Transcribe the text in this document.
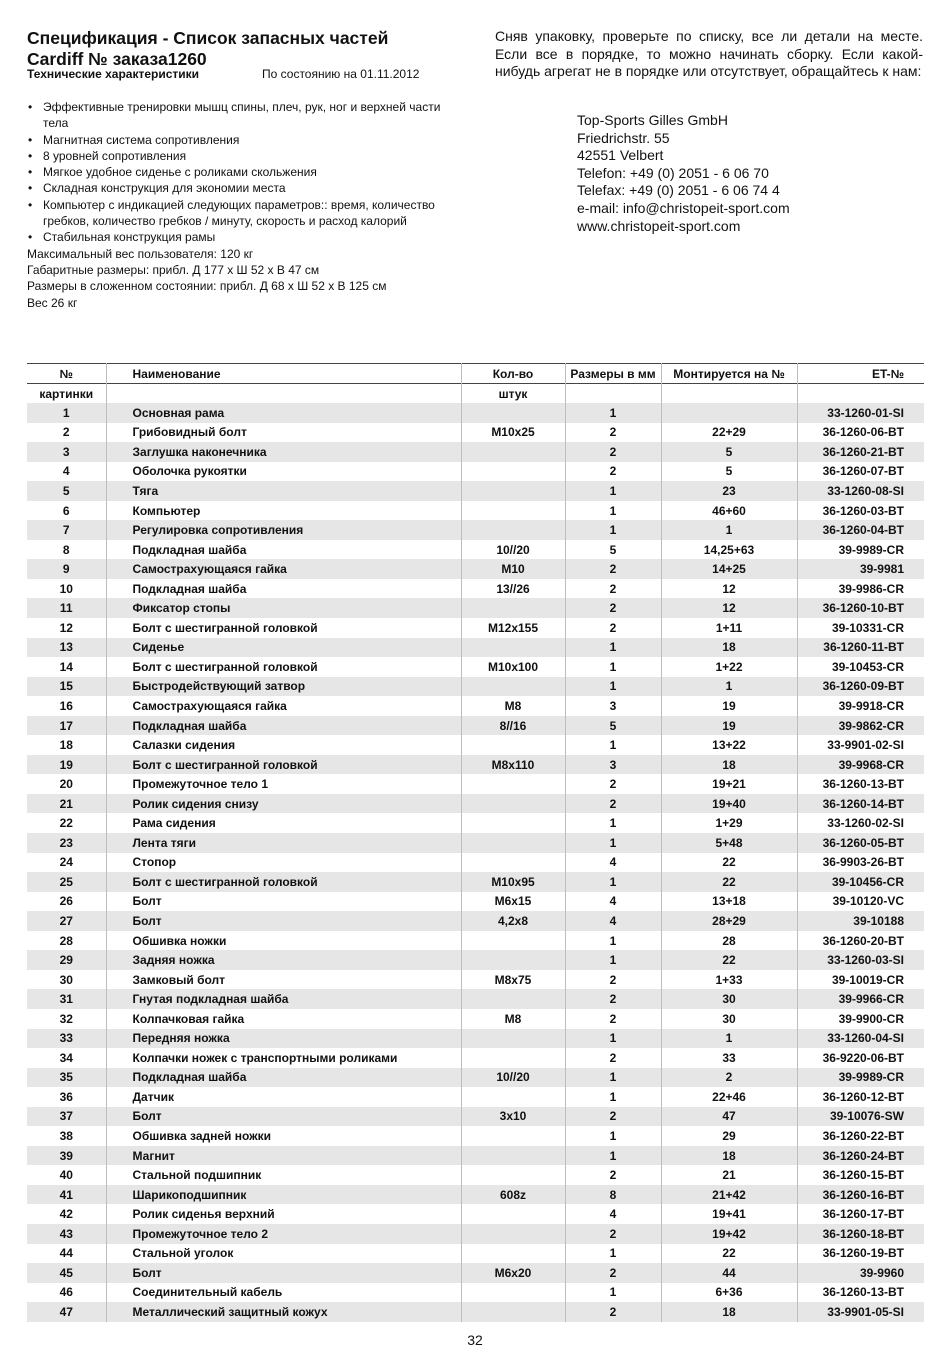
Спецификация - Список запасных частей
Cardiff № заказа1260
Технические характеристики	По состоянию на 01.11.2012
• Эффективные тренировки мышц спины, плеч, рук, ног и верхней части тела
• Магнитная система сопротивления
• 8 уровней сопротивления
• Мягкое удобное сиденье с роликами скольжения
• Складная конструкция для экономии места
• Компьютер с индикацией следующих параметров:: время, количество гребков, количество гребков / минуту, скорость и расход калорий
• Стабильная конструкция рамы
Максимальный вес пользователя: 120 кг
Габаритные размеры: прибл. Д 177 x Ш 52 x В 47 см
Размеры в сложенном состоянии: прибл. Д 68 x Ш 52 x В 125 см
Вес 26 кг
Сняв упаковку, проверьте по списку, все ли детали на месте. Если все в порядке, то можно начинать сборку. Если какой-нибудь агрегат не в порядке или отсутствует, обращайтесь к нам:
Top-Sports Gilles GmbH
Friedrichstr. 55
42551 Velbert
Telefon: +49 (0) 2051 - 6 06 70
Telefax: +49 (0) 2051 - 6 06 74 4
e-mail: info@christopeit-sport.com
www.christopeit-sport.com
№	Наименование	Кол-во	Размеры в мм	Монтируется на №	ET-№
картинки		штук			
1	Основная рама		1		33-1260-01-SI
2	Грибовидный болт	M10x25	2	22+29	36-1260-06-BT
3	Заглушка наконечника		2	5	36-1260-21-BT
4	Оболочка рукоятки		2	5	36-1260-07-BT
5	Тяга		1	23	33-1260-08-SI
6	Компьютер		1	46+60	36-1260-03-BT
7	Регулировка сопротивления		1	1	36-1260-04-BT
8	Подкладная шайба	10//20	5	14,25+63	39-9989-CR
9	Самострахующаяся гайка	M10	2	14+25	39-9981
10	Подкладная шайба	13//26	2	12	39-9986-CR
11	Фиксатор стопы		2	12	36-1260-10-BT
12	Болт с шестигранной головкой	M12x155	2	1+11	39-10331-CR
13	Сиденье		1	18	36-1260-11-BT
14	Болт с шестигранной головкой	M10x100	1	1+22	39-10453-CR
15	Быстродействующий затвор		1	1	36-1260-09-BT
16	Самострахующаяся гайка	M8	3	19	39-9918-CR
17	Подкладная шайба	8//16	5	19	39-9862-CR
18	Салазки сидения		1	13+22	33-9901-02-SI
19	Болт с шестигранной головкой	M8x110	3	18	39-9968-CR
20	Промежуточное тело 1		2	19+21	36-1260-13-BT
21	Ролик сидения снизу		2	19+40	36-1260-14-BT
22	Рама сидения		1	1+29	33-1260-02-SI
23	Лента тяги		1	5+48	36-1260-05-BT
24	Стопор		4	22	36-9903-26-BT
25	Болт с шестигранной головкой	M10x95	1	22	39-10456-CR
26	Болт	M6x15	4	13+18	39-10120-VC
27	Болт	4,2x8	4	28+29	39-10188
28	Обшивка ножки		1	28	36-1260-20-BT
29	Задняя ножка		1	22	33-1260-03-SI
30	Замковый болт	M8x75	2	1+33	39-10019-CR
31	Гнутая подкладная шайба		2	30	39-9966-CR
32	Колпачковая гайка	M8	2	30	39-9900-CR
33	Передняя ножка		1	1	33-1260-04-SI
34	Колпачки ножек с транспортными роликами		2	33	36-9220-06-BT
35	Подкладная шайба	10//20	1	2	39-9989-CR
36	Датчик		1	22+46	36-1260-12-BT
37	Болт	3x10	2	47	39-10076-SW
38	Обшивка задней ножки		1	29	36-1260-22-BT
39	Магнит		1	18	36-1260-24-BT
40	Стальной подшипник		2	21	36-1260-15-BT
41	Шарикоподшипник	608z	8	21+42	36-1260-16-BT
42	Ролик сиденья верхний		4	19+41	36-1260-17-BT
43	Промежуточное тело 2		2	19+42	36-1260-18-BT
44	Стальной уголок		1	22	36-1260-19-BT
45	Болт	M6x20	2	44	39-9960
46	Соединительный кабель		1	6+36	36-1260-13-BT
47	Металлический защитный кожух		2	18	33-9901-05-SI
32
